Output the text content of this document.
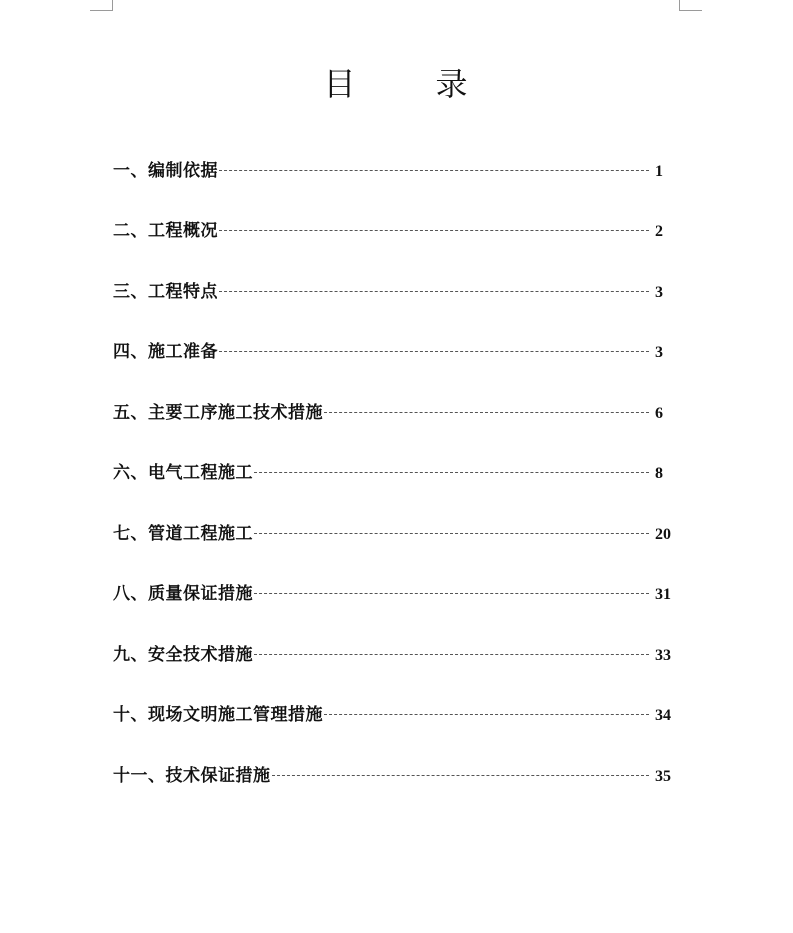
目 录
一、编制依据	1
二、工程概况	2
三、工程特点	3
四、施工准备	3
五、主要工序施工技术措施	6
六、电气工程施工	8
七、管道工程施工	20
八、质量保证措施	31
九、安全技术措施	33
十、现场文明施工管理措施	34
十一、技术保证措施	35
